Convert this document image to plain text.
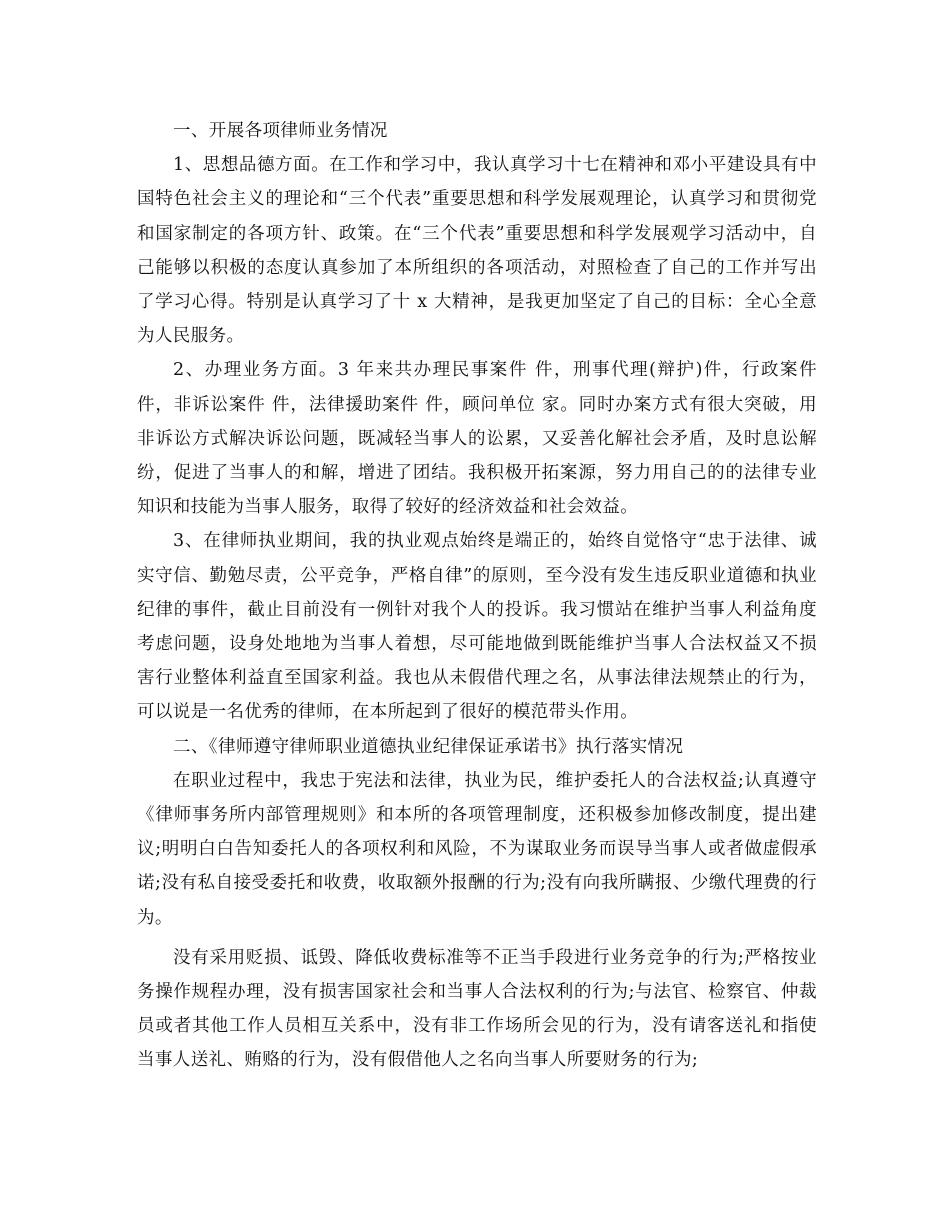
一、开展各项律师业务情况

1、思想品德方面。在工作和学习中，我认真学习十七在精神和邓小平建设具有中国特色社会主义的理论和“三个代表”重要思想和科学发展观理论，认真学习和贯彻党和国家制定的各项方针、政策。在“三个代表”重要思想和科学发展观学习活动中，自己能够以积极的态度认真参加了本所组织的各项活动，对照检查了自己的工作并写出了学习心得。特别是认真学习了十 x 大精神，是我更加坚定了自己的目标：全心全意为人民服务。

2、办理业务方面。3 年来共办理民事案件 件，刑事代理(辩护)件，行政案件 件，非诉讼案件 件，法律援助案件 件，顾问单位 家。同时办案方式有很大突破，用非诉讼方式解决诉讼问题，既减轻当事人的讼累，又妥善化解社会矛盾，及时息讼解纷，促进了当事人的和解，增进了团结。我积极开拓案源，努力用自己的的法律专业知识和技能为当事人服务，取得了较好的经济效益和社会效益。

3、在律师执业期间，我的执业观点始终是端正的，始终自觉恪守“忠于法律、诚实守信、勤勉尽责，公平竞争，严格自律”的原则，至今没有发生违反职业道德和执业纪律的事件，截止目前没有一例针对我个人的投诉。我习惯站在维护当事人利益角度考虑问题，设身处地地为当事人着想，尽可能地做到既能维护当事人合法权益又不损害行业整体利益直至国家利益。我也从未假借代理之名，从事法律法规禁止的行为，可以说是一名优秀的律师，在本所起到了很好的模范带头作用。

二、《律师遵守律师职业道德执业纪律保证承诺书》执行落实情况

在职业过程中，我忠于宪法和法律，执业为民，维护委托人的合法权益;认真遵守《律师事务所内部管理规则》和本所的各项管理制度，还积极参加修改制度，提出建议;明明白白告知委托人的各项权利和风险，不为谋取业务而误导当事人或者做虚假承诺;没有私自接受委托和收费，收取额外报酬的行为;没有向我所瞒报、少缴代理费的行为。

没有采用贬损、诋毁、降低收费标准等不正当手段进行业务竞争的行为;严格按业务操作规程办理，没有损害国家社会和当事人合法权利的行为;与法官、检察官、仲裁员或者其他工作人员相互关系中，没有非工作场所会见的行为，没有请客送礼和指使当事人送礼、贿赂的行为，没有假借他人之名向当事人所要财务的行为;
